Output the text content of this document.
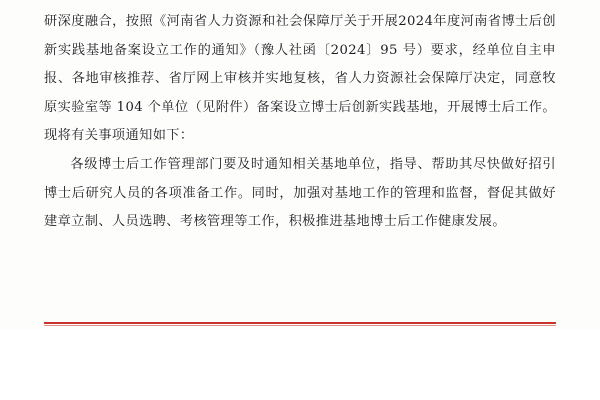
研深度融合，按照《河南省人力资源和社会保障厅关于开展2024年度河南省博士后创新实践基地备案设立工作的通知》（豫人社函〔2024〕95 号）要求，经单位自主申报、各地审核推荐、省厅网上审核并实地复核，省人力资源社会保障厅决定，同意牧原实验室等 104 个单位（见附件）备案设立博士后创新实践基地，开展博士后工作。现将有关事项通知如下：

各级博士后工作管理部门要及时通知相关基地单位，指导、帮助其尽快做好招引博士后研究人员的各项准备工作。同时，加强对基地工作的管理和监督，督促其做好建章立制、人员选聘、考核管理等工作，积极推进基地博士后工作健康发展。
